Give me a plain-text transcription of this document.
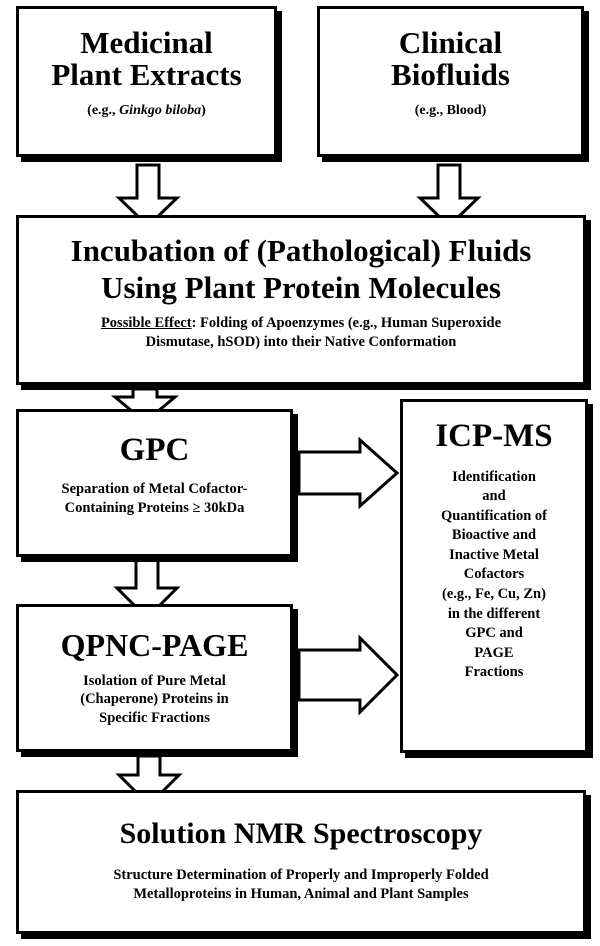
Medicinal
Plant Extracts
(e.g., Ginkgo biloba)
Clinical
Biofluids
(e.g., Blood)
Incubation of (Pathological) Fluids
Using Plant Protein Molecules
Possible Effect: Folding of Apoenzymes (e.g., Human Superoxide
Dismutase, hSOD) into their Native Conformation
GPC
Separation of Metal Cofactor-
Containing Proteins ≥ 30kDa
ICP-MS
Identification
and
Quantification of
Bioactive and
Inactive Metal
Cofactors
(e.g., Fe, Cu, Zn)
in the different
GPC and
PAGE
Fractions
QPNC-PAGE
Isolation of Pure Metal
(Chaperone) Proteins in
Specific Fractions
Solution NMR Spectroscopy
Structure Determination of Properly and Improperly Folded
Metalloproteins in Human, Animal and Plant Samples
